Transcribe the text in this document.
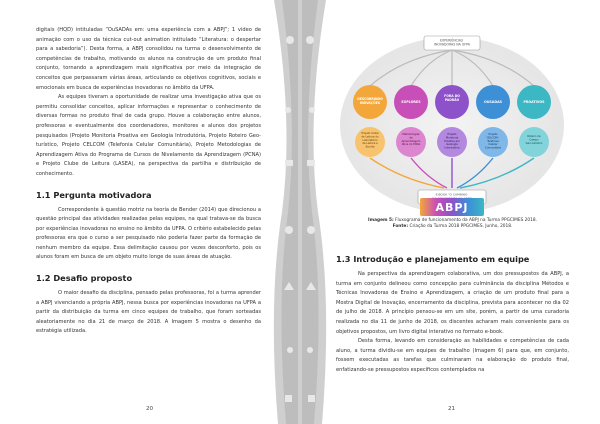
digitais (HQD) intituladas “OuSADAs em: uma experiência com a ABPJ”; 1 vídeo de animação com o uso da técnica cut-out animation intitulado “Literatura: o despertar para a sabedoria”). Desta forma, a ABPJ consolidou na turma o desenvolvimento de competências de trabalho, motivando os alunos na construção de um produto final conjunto, tornando a aprendizagem mais significativa por meio da integração de conceitos que perpassaram várias áreas, articulando os objetivos cognitivos, sociais e emocionais em busca de experiências inovadoras no âmbito da UFPA.

As equipes tiveram a oportunidade de realizar uma investigação ativa que os permitiu consolidar conceitos, aplicar informações e representar o conhecimento de diversas formas no produto final de cada grupo. Houve a colaboração entre alunos, professoras e eventualmente dos coordenadores, monitores e alunos dos projetos pesquisados (Projeto Monitoria Proativa em Geologia Introdutória, Projeto Roteiro Geo-turístico, Projeto CELCOM (Telefonia Celular Comunitária), Projeto Metodologias de Aprendizagem Ativa do Programa de Cursos de Nivelamento da Aprendizagem (PCNA) e Projeto Clube de Leitura (LASEA), na perspectiva da partilha e distribuição de conhecimento.

1.1 Pergunta motivadora

Correspondente à questão motriz na teoria de Bender (2014) que direcionou a questão principal das atividades realizadas pelas equipes, na qual tratava-se da busca por experiências inovadoras no ensino no âmbito da UFPA. O critério estabelecido pelas professoras era que o curso a ser pesquisado não poderia fazer parte da formação de nenhum membro da equipe. Essa delimitação causou por vezes desconforto, pois os alunos foram em busca de um objeto muito longe de suas áreas de atuação.

1.2 Desafio proposto

O maior desafio da disciplina, pensado pelas professoras, foi a turma aprender a ABPJ vivenciando a própria ABPJ, nessa busca por experiências inovadoras na UFPA a partir da distribuição da turma em cinco equipes de trabalho, que foram sorteadas aleatoriamente no dia 21 de março de 2018. A Imagem 5 mostra o desenho da estratégia utilizada.

20
EXPERIÊNCIAS INOVADORAS NA UFPA
DESCOBRINDO INOVAÇÕES
Projeto Clube de Leitura do Laboratório de Leitura e Escrita
EXPLORES
Metodologias de Aprendizagem Ativa do PCNA
FORA DO PADRÃO
Projeto Monitoria Proativa em Geologia Introdutória
OUSADAS
Projeto CELCOM -Telefonia Celular Comunitária
PROATIVOS
Roteiro de Campo Geo-turístico
E-BOOK "O CAMINHO
ABPJ
Imagem 5: Fluxograma de funcionamento da ABPJ na Turma PPGCIMES 2018.
Fonte: Criação da Turma 2018 PPGCIMES. Junho, 2018.
1.3 Introdução e planejamento em equipe

Na perspectiva da aprendizagem colaborativa, um dos pressupostos da ABPJ, a turma em conjunto delineou como concepção para culminância da disciplina Métodos e Técnicas Inovadoras de Ensino e Aprendizagem, a criação de um produto final para a Mostra Digital de Inovação, encerramento da disciplina, prevista para acontecer no dia 02 de julho de 2018. A princípio pensou-se em um site, porém, a partir de uma curadoria realizada no dia 11 de junho de 2018, os discentes acharam mais conveniente para os objetivos propostos, um livro digital interativo no formato e-book.

Desta forma, levando em consideração as habilidades e competências de cada aluno, a turma dividiu-se em equipes de trabalho (Imagem 6) para que, em conjunto, fossem executadas as tarefas que culminaram na elaboração do produto final, enfatizando-se pressupostos específicos contemplados na

21
